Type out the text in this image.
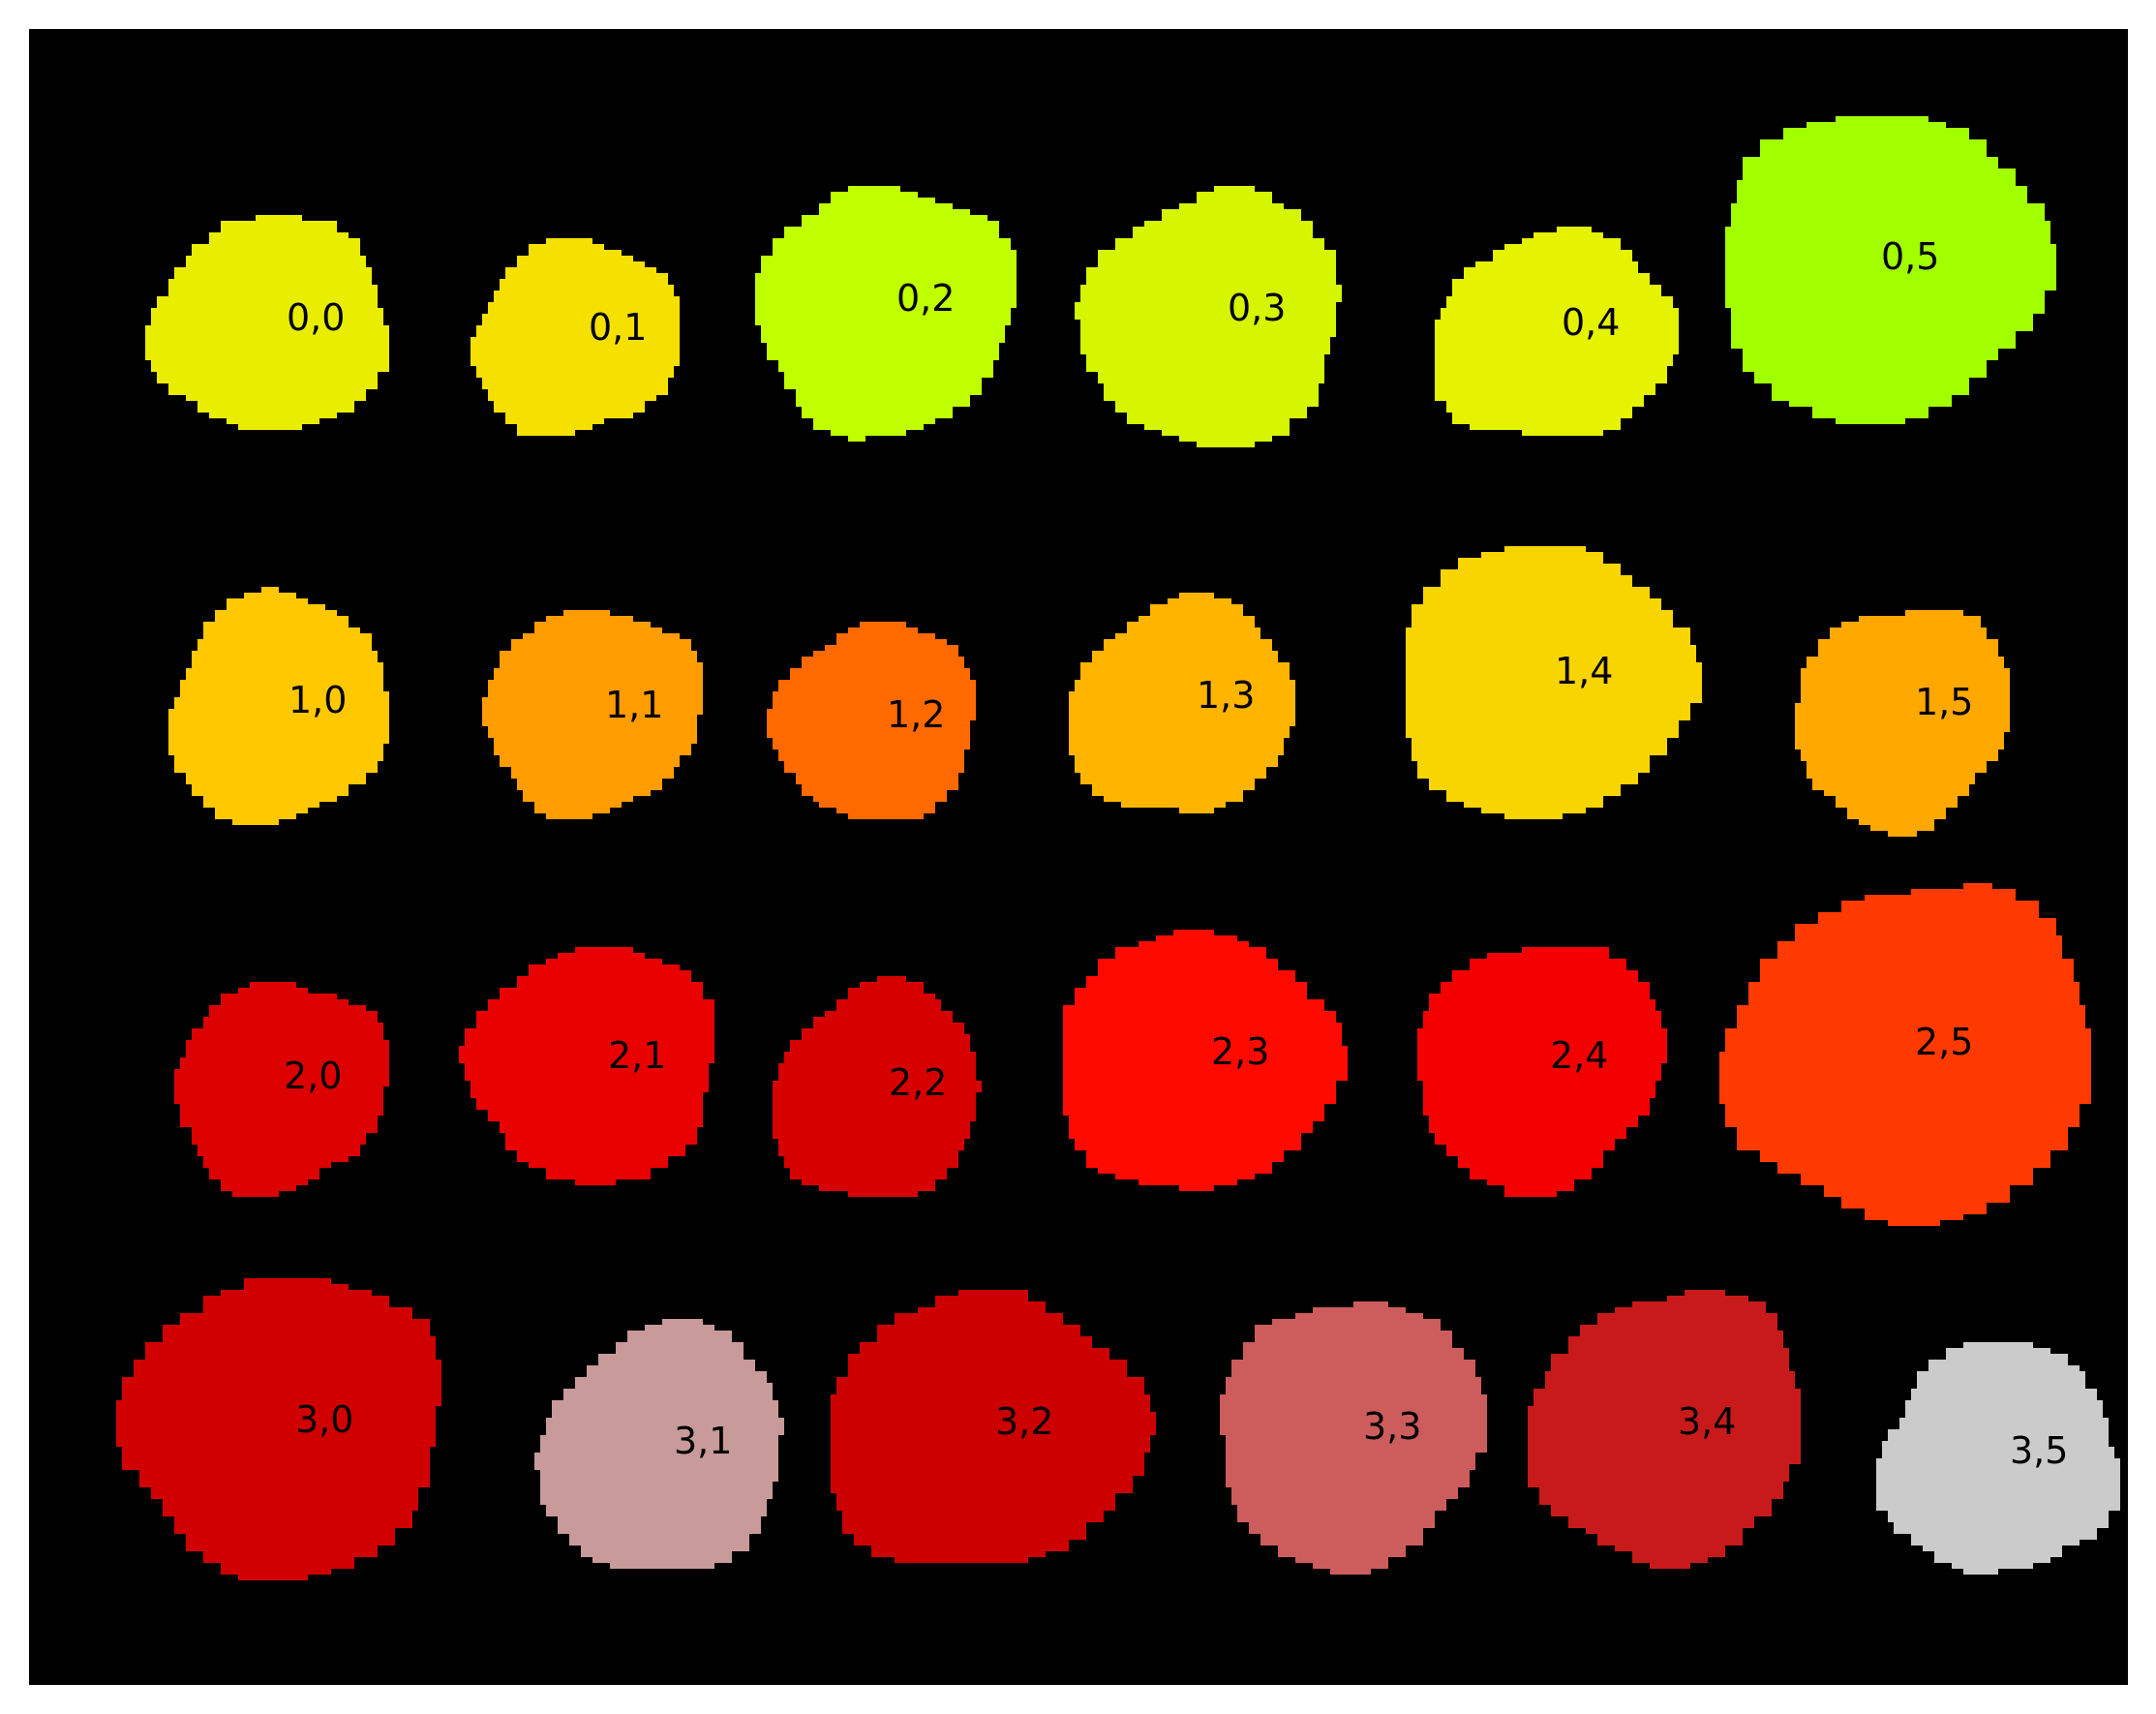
0,0	0,1
0,2	0,3	0,4
0,5
1,0	1,1	1,2	1,3
1,4
1,5
2,0	2,1
2,2
2,3	2,4	2,5
3,0	3,1	3,2	3,3	3,4
3,5
